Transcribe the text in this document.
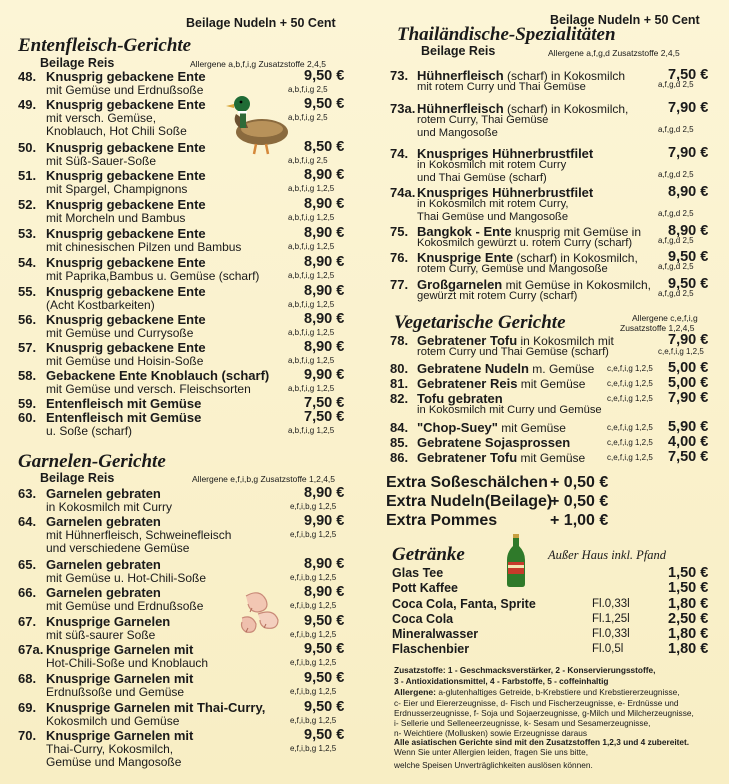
Beilage Nudeln + 50 Cent
Entenfleisch-Gerichte
Beilage Reis	Allergene a,b,f,i,g Zusatzstoffe 2,4,5
48. Knusprig gebackene Ente
mit Gemüse und Erdnußsoße
9,50 €
a,b,f,i,g 2,5
49. Knusprig gebackene Ente
mit versch. Gemüse,
Knoblauch, Hot Chili Soße
9,50 €
a,b,f,i,g 2,5
50. Knusprig gebackene Ente
mit Süß-Sauer-Soße
8,50 €
a,b,f,i,g 2,5
51. Knusprig gebackene Ente
mit Spargel, Champignons
8,90 €
a,b,f,i,g 1,2,5
52. Knusprig gebackene Ente
mit Morcheln und Bambus
8,90 €
a,b,f,i,g 1,2,5
53. Knusprig gebackene Ente
mit chinesischen Pilzen und Bambus
8,90 €
a,b,f,i,g 1,2,5
54. Knusprig gebackene Ente
mit Paprika,Bambus u. Gemüse (scharf)
8,90 €
a,b,f,i,g 1,2,5
55. Knusprig gebackene Ente
(Acht Kostbarkeiten)
8,90 €
a,b,f,i,g 1,2,5
56. Knusprig gebackene Ente
mit Gemüse und Currysoße
8,90 €
a,b,f,i,g 1,2,5
57. Knusprig gebackene Ente
mit Gemüse und Hoisin-Soße
8,90 €
a,b,f,i,g 1,2,5
58. Gebackene Ente Knoblauch (scharf)
mit Gemüse und versch. Fleischsorten
9,90 €
a,b,f,i,g 1,2,5
59. Entenfleisch mit Gemüse	7,50 €
60. Entenfleisch mit Gemüse
u. Soße (scharf)
7,50 €
a,b,f,i,g 1,2,5
Garnelen-Gerichte
Beilage Reis	Allergene e,f,i,b,g Zusatzstoffe 1,2,4,5
63. Garnelen gebraten
in Kokosmilch mit Curry
8,90 €
e,f,i,b,g 1,2,5
64. Garnelen gebraten
mit Hühnerfleisch, Schweinefleisch
und verschiedene Gemüse
9,90 €
e,f,i,b,g 1,2,5
65. Garnelen gebraten
mit Gemüse u. Hot-Chili-Soße
8,90 €
e,f,i,b,g 1,2,5
66. Garnelen gebraten
mit Gemüse und Erdnußsoße
8,90 €
e,f,i,b,g 1,2,5
67. Knusprige Garnelen
mit süß-saurer Soße
9,50 €
e,f,i,b,g 1,2,5
67a. Knusprige Garnelen mit
Hot-Chili-Soße und Knoblauch
9,50 €
e,f,i,b,g 1,2,5
68. Knusprige Garnelen mit
Erdnußsoße und Gemüse
9,50 €
e,f,i,b,g 1,2,5
69. Knusprige Garnelen mit Thai-Curry,
Kokosmilch und Gemüse
9,50 €
e,f,i,b,g 1,2,5
70. Knusprige Garnelen mit
Thai-Curry, Kokosmilch,
Gemüse und Mangosoße
9,50 €
e,f,i,b,g 1,2,5
Beilage Nudeln + 50 Cent
Thailändische-Spezialitäten
Beilage Reis	Allergene a,f,g,d Zusatzstoffe 2,4,5
73. Hühnerfleisch (scharf) in Kokosmilch
mit rotem Curry und Thai Gemüse
7,50 €
a,f,g,d 2,5
73a. Hühnerfleisch (scharf) in Kokosmilch,
rotem Curry, Thai Gemüse
und Mangosoße
7,90 €
a,f,g,d 2,5
74. Knuspriges Hühnerbrustfilet
in Kokosmilch mit rotem Curry
und Thai Gemüse (scharf)
7,90 €
a,f,g,d 2,5
74a. Knuspriges Hühnerbrustfilet
in Kokosmilch mit rotem Curry,
Thai Gemüse und Mangosoße
8,90 €
a,f,g,d 2,5
75. Bangkok - Ente knusprig mit Gemüse in
Kokosmilch gewürzt u. rotem Curry (scharf)
8,90 €
a,f,g,d 2,5
76. Knusprige Ente (scharf) in Kokosmilch,
rotem Curry, Gemüse und Mangosoße
9,50 €
a,f,g,d 2,5
77. Großgarnelen mit Gemüse in Kokosmilch,
gewürzt mit rotem Curry (scharf)
9,50 €
a,f,g,d 2,5
Vegetarische Gerichte	Allergene c,e,f,i,g
Zusatzstoffe 1,2,4,5
78. Gebratener Tofu in Kokosmilch mit
rotem Curry und Thai Gemüse (scharf)
7,90 €
c,e,f,i,g 1,2,5
80. Gebratene Nudeln m. Gemüse	5,00 €
c,e,f,i,g 1,2,5
81. Gebratener Reis mit Gemüse	5,00 €
c,e,f,i,g 1,2,5
82. Tofu gebraten
in Kokosmilch mit Curry und Gemüse
7,90 €
c,e,f,i,g 1,2,5
84. "Chop-Suey" mit Gemüse	5,90 €
c,e,f,i,g 1,2,5
85. Gebratene Sojasprossen	4,00 €
c,e,f,i,g 1,2,5
86. Gebratener Tofu mit Gemüse	7,50 €
c,e,f,i,g 1,2,5
Extra Soßeschälchen + 0,50 €
Extra Nudeln(Beilage)
+ 0,50 €
Extra Pommes	+ 1,00 €
Getränke	Außer Haus inkl. Pfand
Glas Tee	1,50 €
Pott Kaffee	1,50 €
Coca Cola, Fanta, Sprite	Fl.0,33l	1,80 €
Coca Cola	Fl.1,25l	2,50 €
Mineralwasser	Fl.0,33l	1,80 €
Flaschenbier	Fl.0,5l	1,80 €
Zusatzstoffe: 1 - Geschmacksverstärker, 2 - Konservierungsstoffe,
3 - Antioxidationsmittel, 4 - Farbstoffe, 5 - coffeinhaltig
Allergene: a-glutenhaltiges Getreide, b-Krebstiere und Krebstiererzeugnisse,
c- Eier und Eiererzeugnisse, d- Fisch und Fischerzeugnisse, e- Erdnüsse und
Erdnusserzeugnisse, f- Soja und Sojaerzeugnisse, g-Milch und Milcherzeugnisse,
i- Sellerie und Selleneerzeugnisse, k- Sesam und Sesamerzeugnisse,
n- Weichtiere (Mollusken) sowie Erzeugnisse daraus
Alle asiatischen Gerichte sind mit den Zusatzstoffen 1,2,3 und 4 zubereitet.
Wenn Sie unter Allergien leiden, fragen Sie uns bitte,
welche Speisen Unverträglichkeiten auslösen können.
